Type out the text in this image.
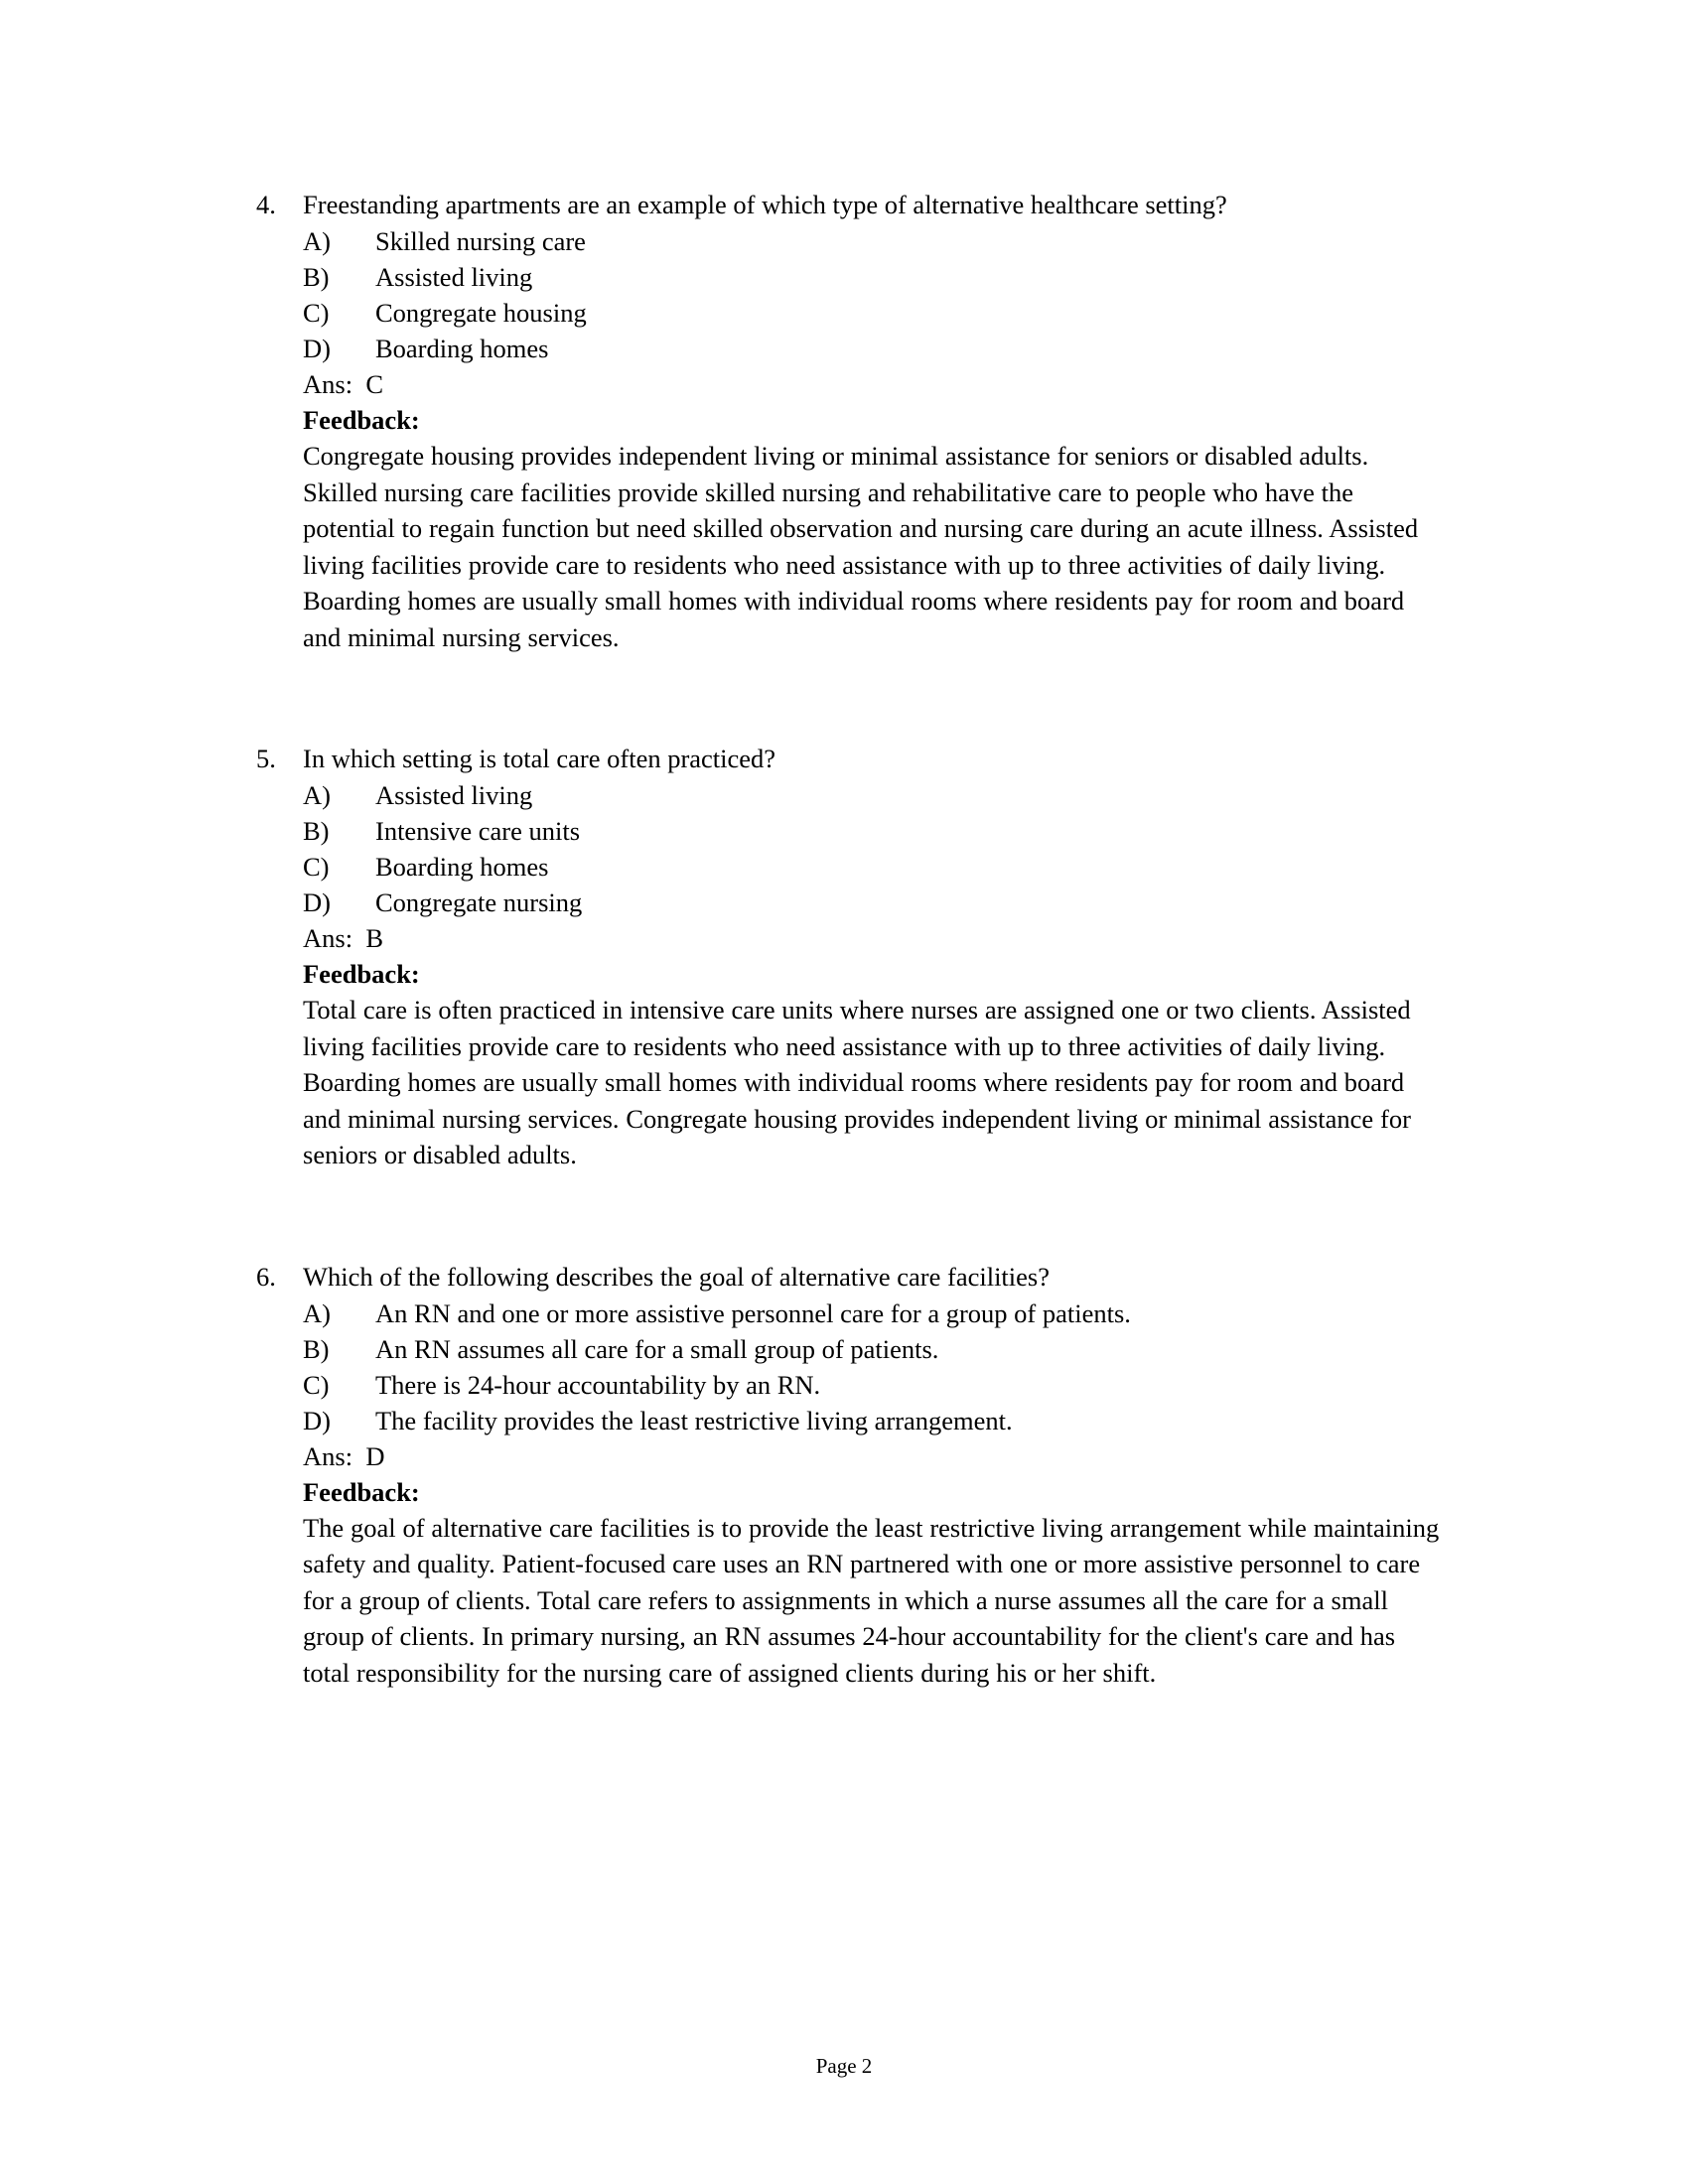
4. Freestanding apartments are an example of which type of alternative healthcare setting?
A)	Skilled nursing care
B)	Assisted living
C)	Congregate housing
D)	Boarding homes
Ans:  C
Feedback:
Congregate housing provides independent living or minimal assistance for seniors or disabled adults. Skilled nursing care facilities provide skilled nursing and rehabilitative care to people who have the potential to regain function but need skilled observation and nursing care during an acute illness. Assisted living facilities provide care to residents who need assistance with up to three activities of daily living. Boarding homes are usually small homes with individual rooms where residents pay for room and board and minimal nursing services.
5. In which setting is total care often practiced?
A)	Assisted living
B)	Intensive care units
C)	Boarding homes
D)	Congregate nursing
Ans:  B
Feedback:
Total care is often practiced in intensive care units where nurses are assigned one or two clients. Assisted living facilities provide care to residents who need assistance with up to three activities of daily living. Boarding homes are usually small homes with individual rooms where residents pay for room and board and minimal nursing services. Congregate housing provides independent living or minimal assistance for seniors or disabled adults.
6. Which of the following describes the goal of alternative care facilities?
A)	An RN and one or more assistive personnel care for a group of patients.
B)	An RN assumes all care for a small group of patients.
C)	There is 24-hour accountability by an RN.
D)	The facility provides the least restrictive living arrangement.
Ans:  D
Feedback:
The goal of alternative care facilities is to provide the least restrictive living arrangement while maintaining safety and quality. Patient-focused care uses an RN partnered with one or more assistive personnel to care for a group of clients. Total care refers to assignments in which a nurse assumes all the care for a small group of clients. In primary nursing, an RN assumes 24-hour accountability for the client's care and has total responsibility for the nursing care of assigned clients during his or her shift.
Page 2
